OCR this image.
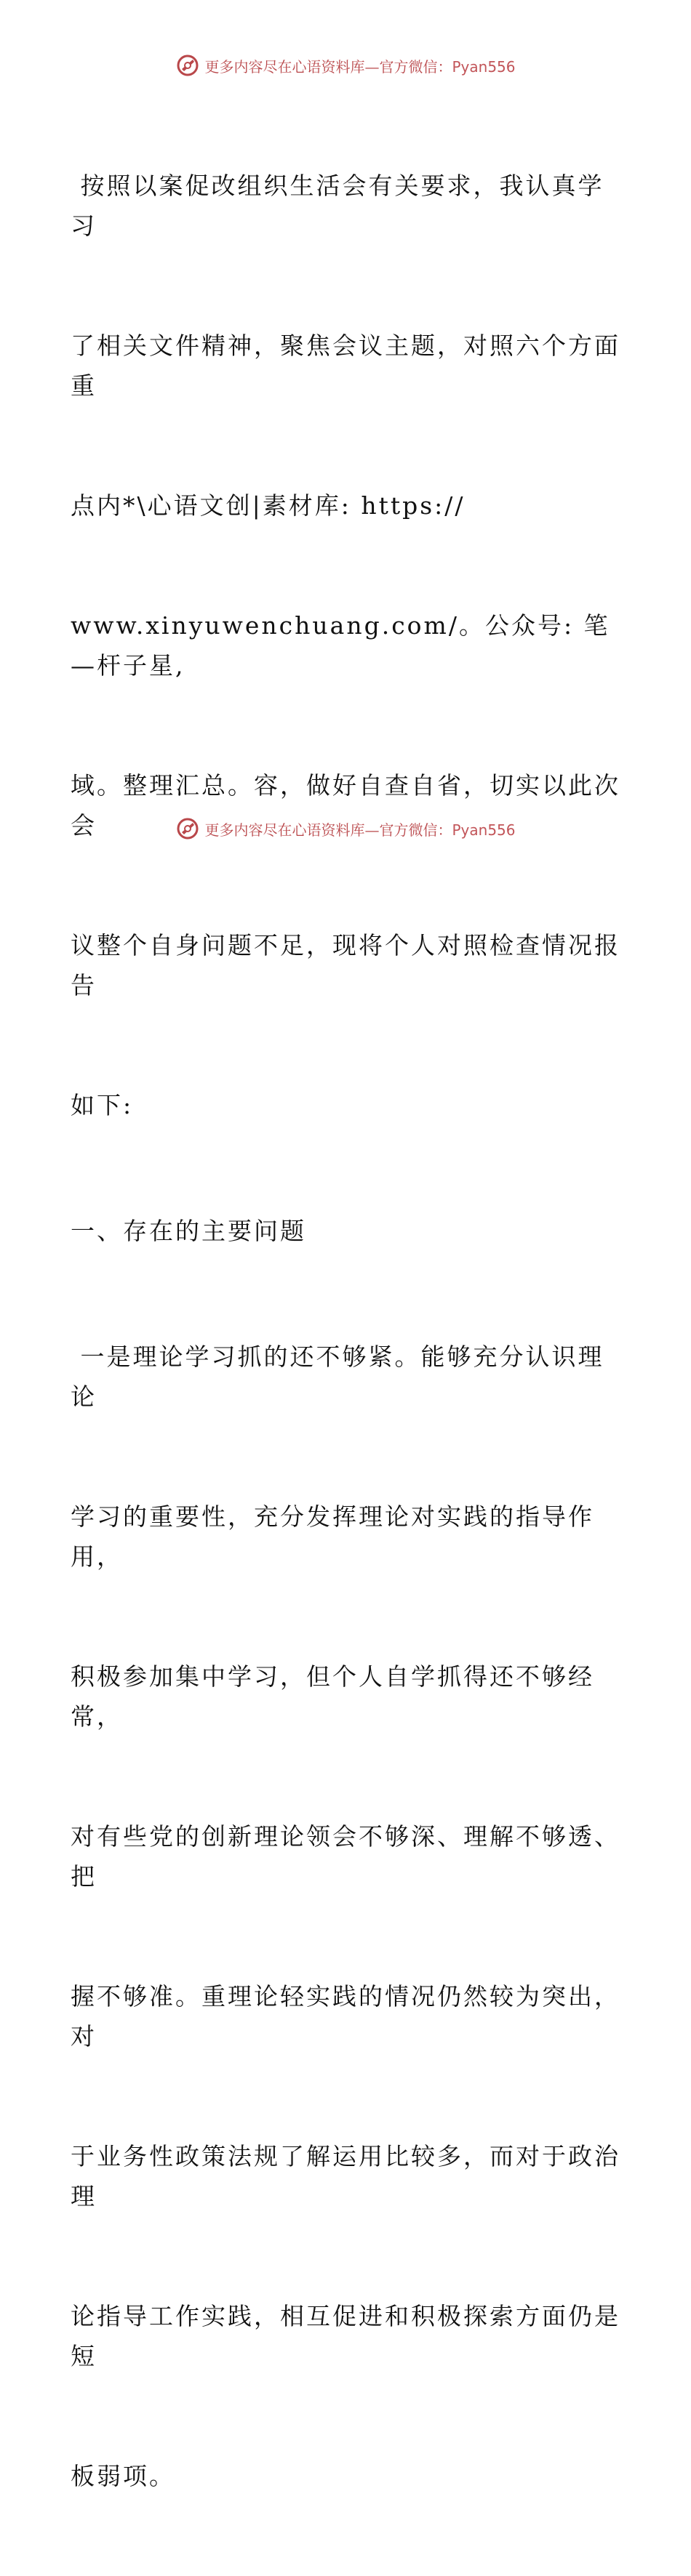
更多内容尽在心语资料库—官方微信：Pyan556

按照以案促改组织生活会有关要求，我认真学习

了相关文件精神，聚焦会议主题，对照六个方面重

点内*\心语文创|素材库: https://

www.xinyuwenchuang.com/。公众号: 笔—杆子星,

域。整理汇总。容，做好自查自省，切实以此次会

议整个自身问题不足，现将个人对照检查情况报告

如下:

一、存在的主要问题

一是理论学习抓的还不够紧。能够充分认识理论

学习的重要性，充分发挥理论对实践的指导作用，

积极参加集中学习，但个人自学抓得还不够经常，

对有些党的创新理论领会不够深、理解不够透、把

握不够准。重理论轻实践的情况仍然较为突出，对

于业务性政策法规了解运用比较多，而对于政治理

论指导工作实践，相互促进和积极探索方面仍是短

板弱项。

更多内容尽在心语资料库—官方微信：Pyan556
